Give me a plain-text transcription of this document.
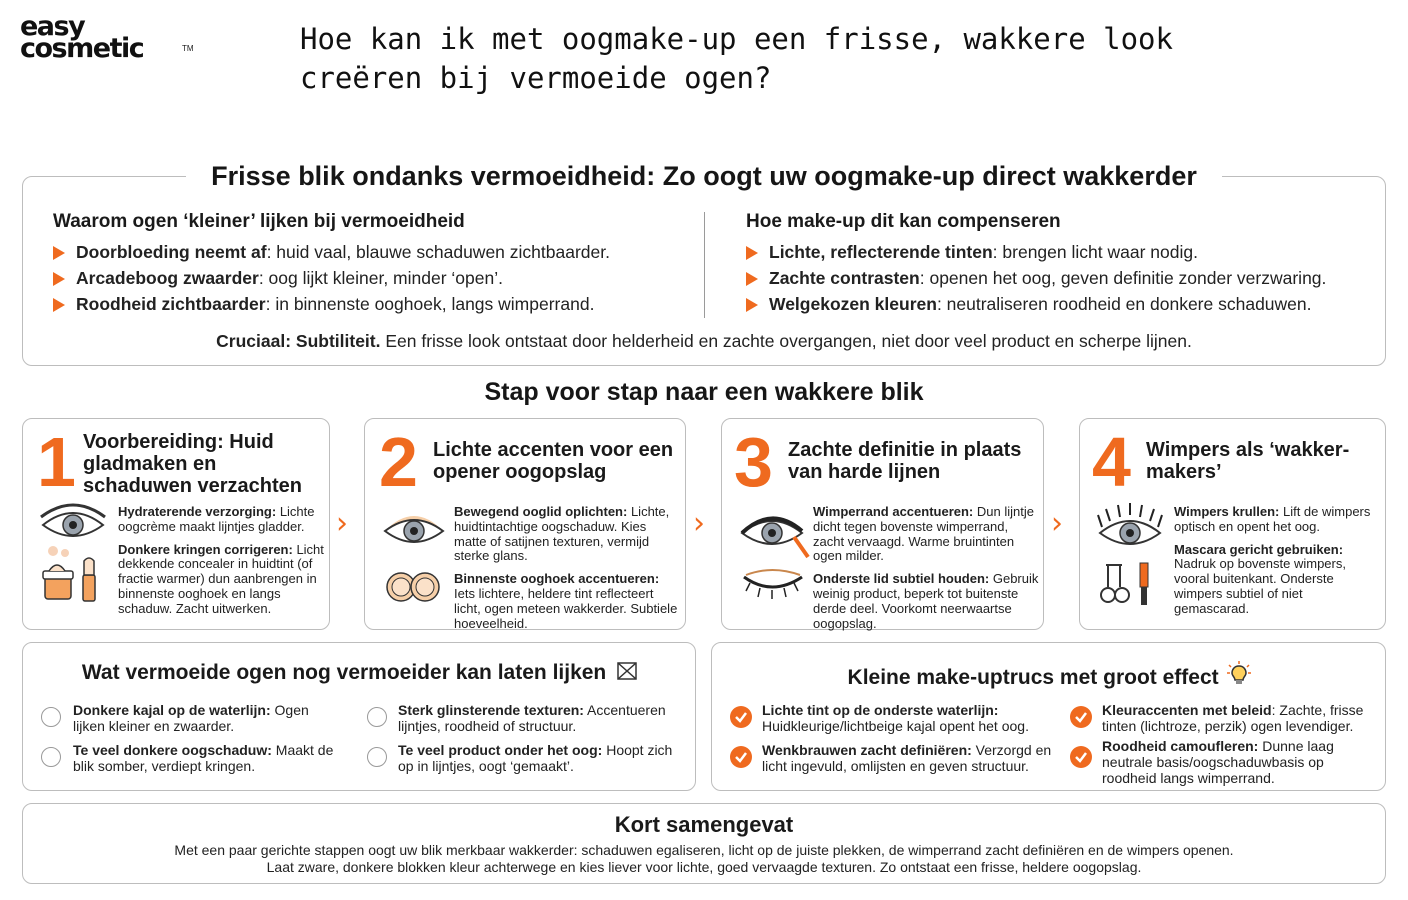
easy
cosmetic	TM	Hoe kan ik met oogmake-up een frisse, wakkere look creëren bij vermoeide ogen?
Frisse blik ondanks vermoeidheid: Zo oogt uw oogmake-up direct wakkerder
Waarom ogen ‘kleiner’ lijken bij vermoeidheid
Doorbloeding neemt af: huid vaal, blauwe schaduwen zichtbaarder.
Arcadeboog zwaarder: oog lijkt kleiner, minder ‘open’.
Roodheid zichtbaarder: in binnenste ooghoek, langs wimperrand.
Hoe make-up dit kan compenseren
Lichte, reflecterende tinten: brengen licht waar nodig.
Zachte contrasten: openen het oog, geven definitie zonder verzwaring.
Welgekozen kleuren: neutraliseren roodheid en donkere schaduwen.
Cruciaal: Subtiliteit. Een frisse look ontstaat door helderheid en zachte overgangen, niet door veel product en scherpe lijnen.
Stap voor stap naar een wakkere blik
1 Voorbereiding: Huid gladmaken en schaduwen verzachten

Hydraterende verzorging: Lichte oogcrème maakt lijntjes gladder.

Donkere kringen corrigeren: Licht dekkende concealer in huidtint (of fractie warmer) dun aanbrengen in binnenste ooghoek en langs schaduw. Zacht uitwerken.

›
2 Lichte accenten voor een opener oogopslag

Bewegend ooglid oplichten: Lichte, huidtintachtige oogschaduw. Kies matte of satijnen texturen, vermijd sterke glans.

Binnenste ooghoek accentueren: Iets lichtere, heldere tint reflecteert licht, ogen meteen wakkerder. Subtiele hoeveelheid.

›
3 Zachte definitie in plaats van harde lijnen

Wimperrand accentueren: Dun lijntje dicht tegen bovenste wimperrand, zacht vervaagd. Warme bruintinten ogen milder.

Onderste lid subtiel houden: Gebruik weinig product, beperk tot buitenste derde deel. Voorkomt neerwaartse oogopslag.

›
4 Wimpers als ‘wakker-makers’

Wimpers krullen: Lift de wimpers optisch en opent het oog.

Mascara gericht gebruiken: Nadruk op bovenste wimpers, vooral buitenkant. Onderste wimpers subtiel of niet gemascarad.

Wat vermoeide ogen nog vermoeider kan laten lijken
Donkere kajal op de waterlijn: Ogen lijken kleiner en zwaarder.
Sterk glinsterende texturen: Accentueren lijntjes, roodheid of structuur.
Te veel donkere oogschaduw: Maakt de blik somber, verdiept kringen.
Te veel product onder het oog: Hoopt zich op in lijntjes, oogt ‘gemaakt’.
Kleine make-uptrucs met groot effect
Lichte tint op de onderste waterlijn: Huidkleurige/lichtbeige kajal opent het oog.
Kleuraccenten met beleid: Zachte, frisse tinten (lichtroze, perzik) ogen levendiger.
Wenkbrauwen zacht definiëren: Verzorgd en licht ingevuld, omlijsten en geven structuur.
Roodheid camoufleren: Dunne laag neutrale basis/oogschaduwbasis op roodheid langs wimperrand.
Kort samengevat
Met een paar gerichte stappen oogt uw blik merkbaar wakkerder: schaduwen egaliseren, licht op de juiste plekken, de wimperrand zacht definiëren en de wimpers openen.
Laat zware, donkere blokken kleur achterwege en kies liever voor lichte, goed vervaagde texturen. Zo ontstaat een frisse, heldere oogopslag.
